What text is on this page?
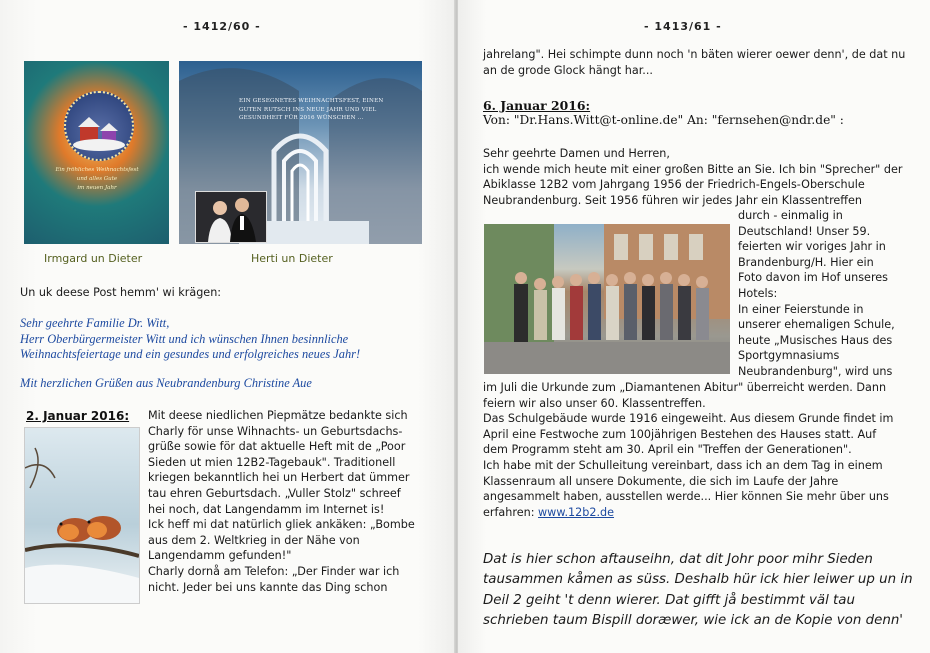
- 1412/60 -
Ein fröhliches Weihnachtsfest
und alles Gute
im neuen Jahr
Irmgard un Dieter
EIN GESEGNETES WEIHNACHTSFEST, EINEN
GUTEN RUTSCH INS NEUE JAHR UND VIEL
GESUNDHEIT FÜR 2016 WÜNSCHEN ...
Herti un Dieter
Un uk deese Post hemm' wi krägen:
Sehr geehrte Familie Dr. Witt,
Herr Oberbürgermeister Witt und ich wünschen Ihnen besinnliche
Weihnachtsfeiertage und ein gesundes und erfolgreiches neues Jahr!
Mit herzlichen Grüßen aus Neubrandenburg Christine Aue
2. Januar 2016: Mit deese niedlichen Piepmätze bedankte sich
Charly för unse Wihnachts- un Geburtsdachs-
grüße sowie för dat aktuelle Heft mit de „Poor
Sieden ut mien 12B2-Tagebauk". Traditionell
kriegen bekanntlich hei un Herbert dat ümmer
tau ehren Geburtsdach. „Vuller Stolz" schreef
hei noch, dat Langendamm im Internet is!
Ick heff mi dat natürlich gliek ankäken: „Bombe
aus dem 2. Weltkrieg in der Nähe von
Langendamm gefunden!"
Charly dornå am Telefon: „Der Finder war ich
nicht. Jeder bei uns kannte das Ding schon
- 1413/61 -
jahrelang". Hei schimpte dunn noch 'n bäten wierer oewer denn', de dat nu
an de grode Glock hängt har...
6. Januar 2016:
Von: "Dr.Hans.Witt@t-online.de" An: "fernsehen@ndr.de" :
Sehr geehrte Damen und Herren,
ich wende mich heute mit einer großen Bitte an Sie. Ich bin "Sprecher" der
Abiklasse 12B2 vom Jahrgang 1956 der Friedrich-Engels-Oberschule
Neubrandenburg. Seit 1956 führen wir jedes Jahr ein Klassentreffen
durch - einmalig in
Deutschland! Unser 59.
feierten wir voriges Jahr in
Brandenburg/H. Hier ein
Foto davon im Hof unseres
Hotels:
In einer Feierstunde in
unserer ehemaligen Schule,
heute „Musisches Haus des
Sportgymnasiums
Neubrandenburg", wird uns
im Juli die Urkunde zum „Diamantenen Abitur" überreicht werden. Dann
feiern wir also unser 60. Klassentreffen.
Das Schulgebäude wurde 1916 eingeweiht. Aus diesem Grunde findet im
April eine Festwoche zum 100jährigen Bestehen des Hauses statt. Auf
dem Programm steht am 30. April ein "Treffen der Generationen".
Ich habe mit der Schulleitung vereinbart, dass ich an dem Tag in einem
Klassenraum all unsere Dokumente, die sich im Laufe der Jahre
angesammelt haben, ausstellen werde... Hier können Sie mehr über uns
erfahren: www.12b2.de
Dat is hier schon aftauseihn, dat dit Johr poor mihr Sieden
tausammen kåmen as süss. Deshalb hür ick hier leiwer up un in
Deil 2 geiht 't denn wierer. Dat gifft jå bestimmt väl tau
schrieben taum Bispill doræwer, wie ick an de Kopie von denn'
